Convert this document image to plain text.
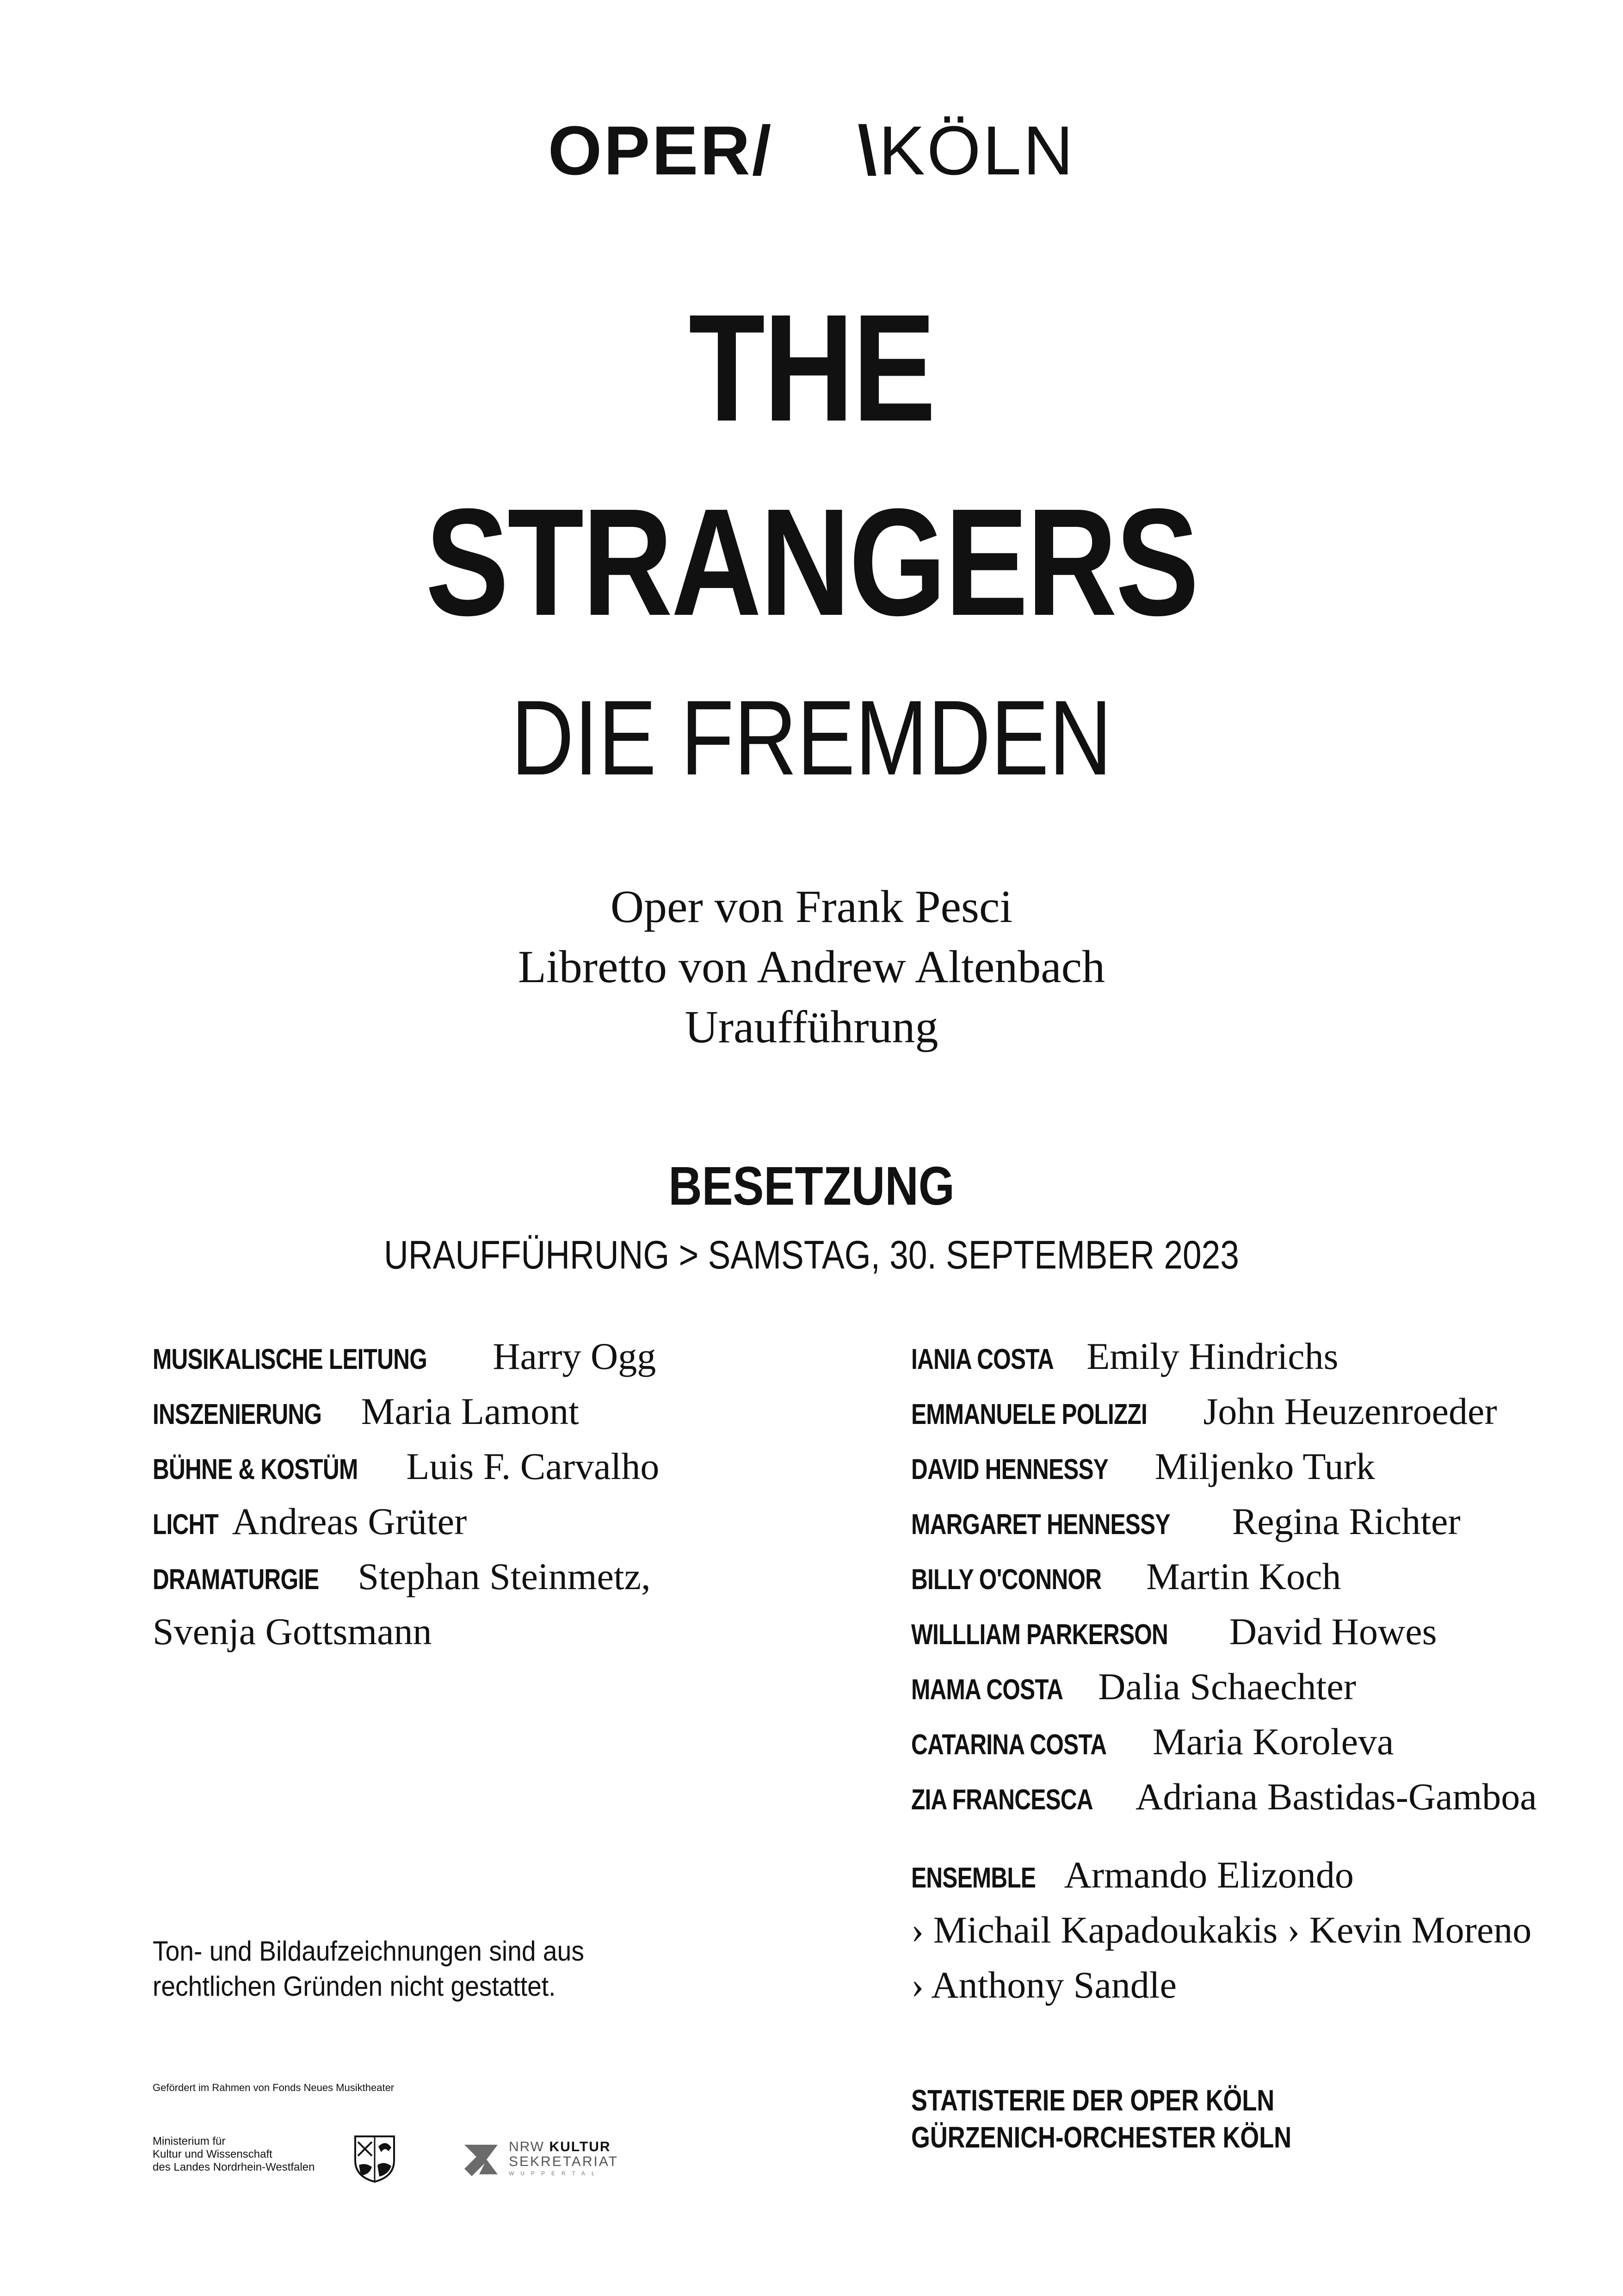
OPER/ \KÖLN
THE
STRANGERS
DIE FREMDEN
Oper von Frank Pesci
Libretto von Andrew Altenbach
Uraufführung
BESETZUNG
URAUFFÜHRUNG > SAMSTAG, 30. SEPTEMBER 2023
MUSIKALISCHE LEITUNG Harry Ogg
INSZENIERUNG Maria Lamont
BÜHNE & KOSTÜM Luis F. Carvalho
LICHT Andreas Grüter
DRAMATURGIE Stephan Steinmetz,
Svenja Gottsmann
IANIA COSTA Emily Hindrichs
EMMANUELE POLIZZI John Heuzenroeder
DAVID HENNESSY Miljenko Turk
MARGARET HENNESSY Regina Richter
BILLY O'CONNOR Martin Koch
WILLLIAM PARKERSON David Howes
MAMA COSTA Dalia Schaechter
CATARINA COSTA Maria Koroleva
ZIA FRANCESCA Adriana Bastidas-Gamboa
ENSEMBLE Armando Elizondo
› Michail Kapadoukakis › Kevin Moreno
› Anthony Sandle
STATISTERIE DER OPER KÖLN
GÜRZENICH-ORCHESTER KÖLN
Ton- und Bildaufzeichnungen sind aus
rechtlichen Gründen nicht gestattet.
Gefördert im Rahmen von Fonds Neues Musiktheater
Ministerium für
Kultur und Wissenschaft
des Landes Nordrhein-Westfalen
NRW KULTUR
SEKRETARIAT
WUPPERTAL
